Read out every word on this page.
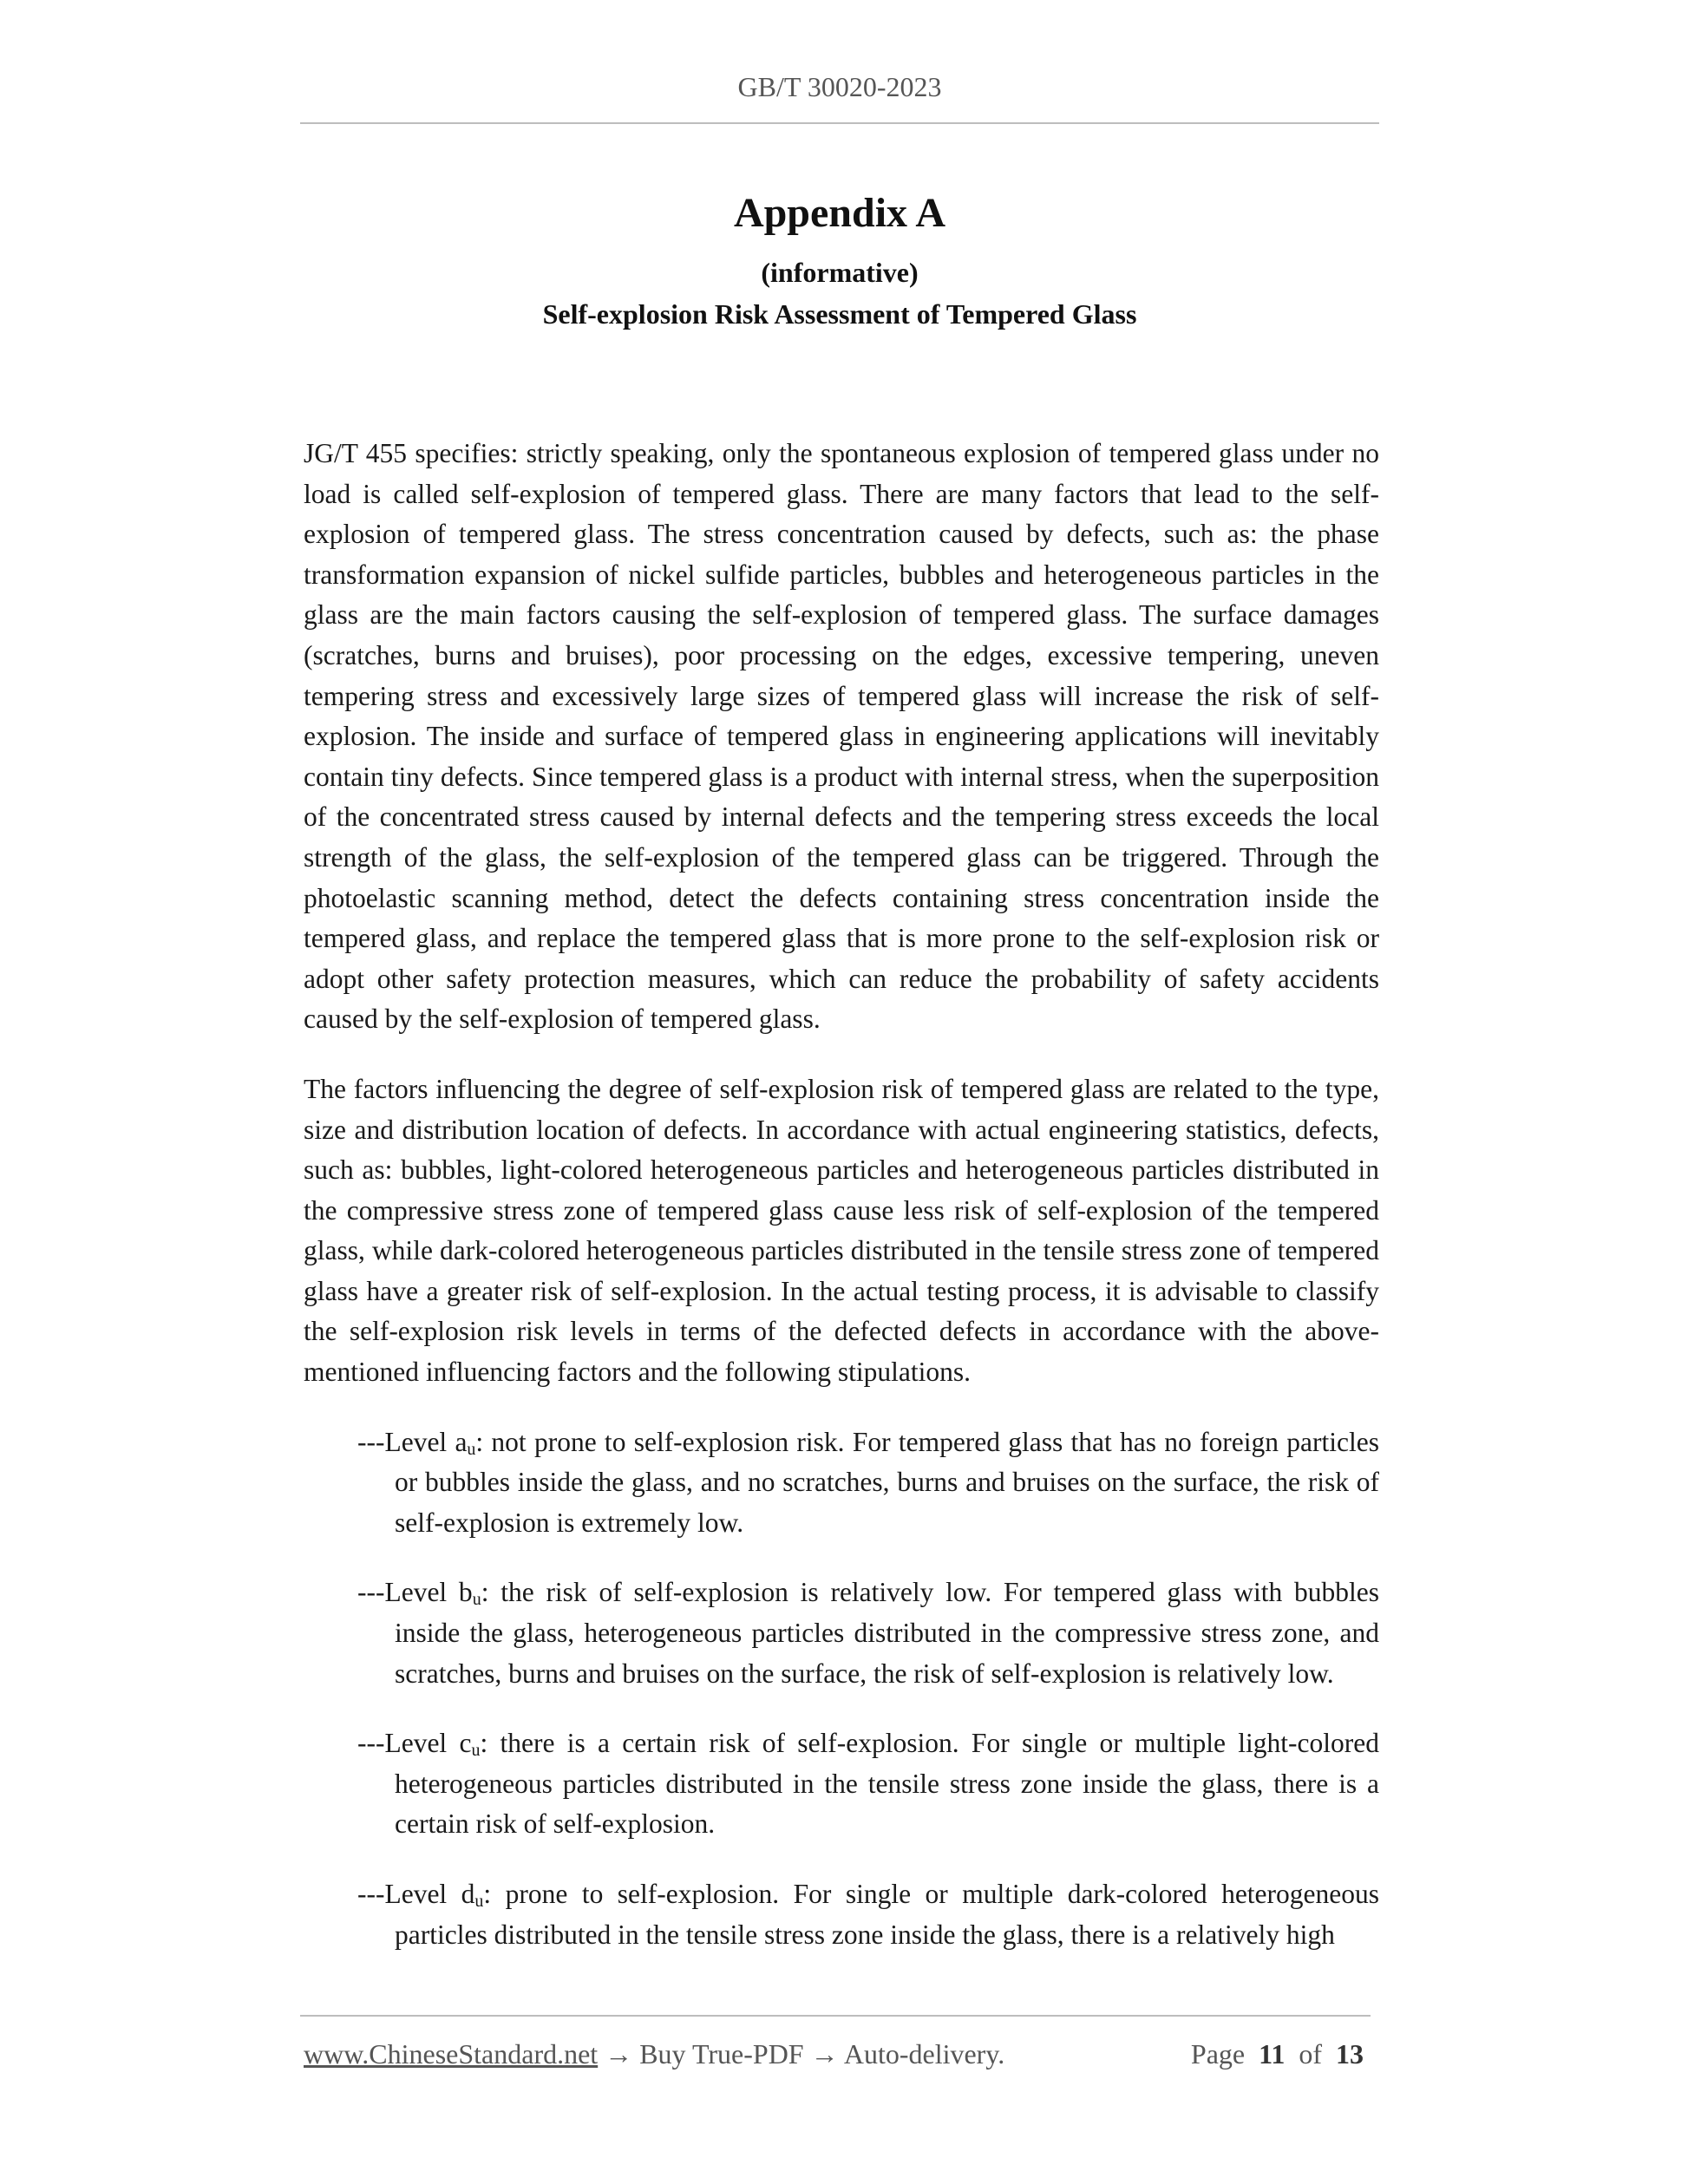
GB/T 30020-2023
Appendix A
(informative)
Self-explosion Risk Assessment of Tempered Glass

JG/T 455 specifies: strictly speaking, only the spontaneous explosion of tempered glass under no load is called self-explosion of tempered glass. There are many factors that lead to the self-explosion of tempered glass. The stress concentration caused by defects, such as: the phase transformation expansion of nickel sulfide particles, bubbles and heterogeneous particles in the glass are the main factors causing the self-explosion of tempered glass. The surface damages (scratches, burns and bruises), poor processing on the edges, excessive tempering, uneven tempering stress and excessively large sizes of tempered glass will increase the risk of self-explosion. The inside and surface of tempered glass in engineering applications will inevitably contain tiny defects. Since tempered glass is a product with internal stress, when the superposition of the concentrated stress caused by internal defects and the tempering stress exceeds the local strength of the glass, the self-explosion of the tempered glass can be triggered. Through the photoelastic scanning method, detect the defects containing stress concentration inside the tempered glass, and replace the tempered glass that is more prone to the self-explosion risk or adopt other safety protection measures, which can reduce the probability of safety accidents caused by the self-explosion of tempered glass.

The factors influencing the degree of self-explosion risk of tempered glass are related to the type, size and distribution location of defects. In accordance with actual engineering statistics, defects, such as: bubbles, light-colored heterogeneous particles and heterogeneous particles distributed in the compressive stress zone of tempered glass cause less risk of self-explosion of the tempered glass, while dark-colored heterogeneous particles distributed in the tensile stress zone of tempered glass have a greater risk of self-explosion. In the actual testing process, it is advisable to classify the self-explosion risk levels in terms of the defected defects in accordance with the above-mentioned influencing factors and the following stipulations.

---Level $a_u$: not prone to self-explosion risk. For tempered glass that has no foreign particles or bubbles inside the glass, and no scratches, burns and bruises on the surface, the risk of self-explosion is extremely low.
---Level $b_u$: the risk of self-explosion is relatively low. For tempered glass with bubbles inside the glass, heterogeneous particles distributed in the compressive stress zone, and scratches, burns and bruises on the surface, the risk of self-explosion is relatively low.
---Level $c_u$: there is a certain risk of self-explosion. For single or multiple light-colored heterogeneous particles distributed in the tensile stress zone inside the glass, there is a certain risk of self-explosion.
---Level $d_u$: prone to self-explosion. For single or multiple dark-colored heterogeneous particles distributed in the tensile stress zone inside the glass, there is a relatively high
www.ChineseStandard.net → Buy True-PDF → Auto-delivery.	Page 11 of 13
